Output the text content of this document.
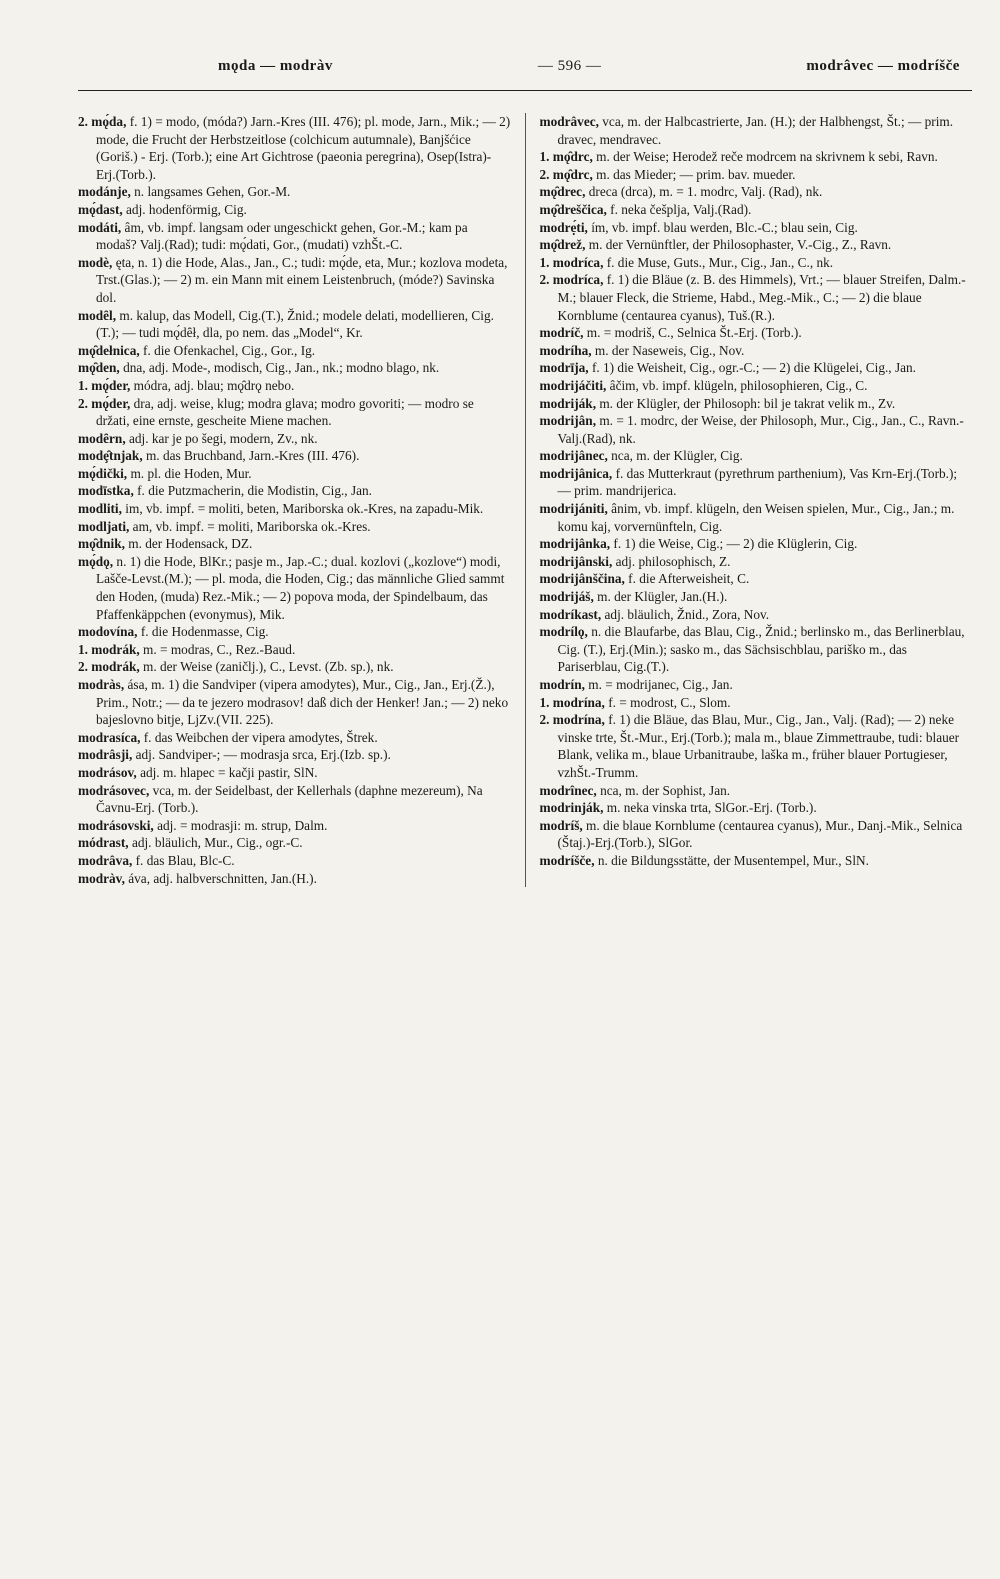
mǫda — modràv	— 596 —	modrâvec — modríšče

2. mǫ́da, f. 1) = modo, (móda?) Jarn.-Kres (III. 476); pl. mode, Jarn., Mik.; — 2) mode, die Frucht der Herbstzeitlose (colchicum autumnale), Banjšćice (Goriš.) - Erj. (Torb.); eine Art Gichtrose (paeonia peregrina), Osep(Istra)-Erj.(Torb.).

modánje, n. langsames Gehen, Gor.-M.

mǫ́dast, adj. hodenförmig, Cig.

modáti, âm, vb. impf. langsam oder ungeschickt gehen, Gor.-M.; kam pa modaš? Valj.(Rad); tudi: mǫ́dati, Gor., (mudati) vzhŠt.-C.

modè, ęta, n. 1) die Hode, Alas., Jan., C.; tudi: mǫ́de, eta, Mur.; kozlova modeta, Trst.(Glas.); — 2) m. ein Mann mit einem Leistenbruch, (móde?) Savinska dol.

modȇl, m. kalup, das Modell, Cig.(T.), Žnid.; modele delati, modellieren, Cig.(T.); — tudi mǫ́dȇł, dla, po nem. das „Model“, Kr.

mǫ̑dełnica, f. die Ofenkachel, Cig., Gor., Ig.

mǫ̑den, dna, adj. Mode-, modisch, Cig., Jan., nk.; modno blago, nk.

1. mǫ́der, módra, adj. blau; mǫ̑drǫ nebo.

2. mǫ́der, dra, adj. weise, klug; modra glava; modro govoriti; — modro se držati, eine ernste, gescheite Miene machen.

modȇrn, adj. kar je po šegi, modern, Zv., nk.

modȩ̑tnjak, m. das Bruchband, Jarn.-Kres (III. 476).

mǫ́dički, m. pl. die Hoden, Mur.

modīstka, f. die Putzmacherin, die Modistin, Cig., Jan.

modliti, im, vb. impf. = moliti, beten, Mariborska ok.-Kres, na zapadu-Mik.

modljati, am, vb. impf. = moliti, Mariborska ok.-Kres.

mǫ̑dnik, m. der Hodensack, DZ.

mǫ́dǫ, n. 1) die Hode, BlKr.; pasje m., Jap.-C.; dual. kozlovi („kozlove“) modi, Lašče-Levst.(M.); — pl. moda, die Hoden, Cig.; das männliche Glied sammt den Hoden, (muda) Rez.-Mik.; — 2) popova moda, der Spindelbaum, das Pfaffenkäppchen (evonymus), Mik.

modovína, f. die Hodenmasse, Cig.

1. modrák, m. = modras, C., Rez.-Baud.

2. modrák, m. der Weise (zaničlj.), C., Levst. (Zb. sp.), nk.

modràs, ása, m. 1) die Sandviper (vipera amodytes), Mur., Cig., Jan., Erj.(Ž.), Prim., Notr.; — da te jezero modrasov! daß dich der Henker! Jan.; — 2) neko bajeslovno bitje, LjZv.(VII. 225).

modrasíca, f. das Weibchen der vipera amodytes, Štrek.

modrâsji, adj. Sandviper-; — modrasja srca, Erj.(Izb. sp.).

modrásov, adj. m. hlapec = kačji pastir, SlN.

modrásovec, vca, m. der Seidelbast, der Kellerhals (daphne mezereum), Na Čavnu-Erj. (Torb.).

modrásovski, adj. = modrasji: m. strup, Dalm.

módrast, adj. bläulich, Mur., Cig., ogr.-C.

modrâva, f. das Blau, Blc-C.

modràv, áva, adj. halbverschnitten, Jan.(H.).

modrâvec, vca, m. der Halbcastrierte, Jan. (H.); der Halbhengst, Št.; — prim. dravec, mendravec.

1. mǫ̑drc, m. der Weise; Herodež reče modrcem na skrivnem k sebi, Ravn.

2. mǫ̑drc, m. das Mieder; — prim. bav. mueder.

mǫ̑drec, dreca (drca), m. = 1. modrc, Valj. (Rad), nk.

mǫ̑dreščica, f. neka češplja, Valj.(Rad).

modrẹ́ti, ím, vb. impf. blau werden, Blc.-C.; blau sein, Cig.

mǫ̑drež, m. der Vernünftler, der Philosophaster, V.-Cig., Z., Ravn.

1. modríca, f. die Muse, Guts., Mur., Cig., Jan., C., nk.

2. modríca, f. 1) die Bläue (z. B. des Himmels), Vrt.; — blauer Streifen, Dalm.-M.; blauer Fleck, die Strieme, Habd., Meg.-Mik., C.; — 2) die blaue Kornblume (centaurea cyanus), Tuš.(R.).

modríč, m. = modriš, C., Selnica Št.-Erj. (Torb.).

modríha, m. der Naseweis, Cig., Nov.

modrīja, f. 1) die Weisheit, Cig., ogr.-C.; — 2) die Klügelei, Cig., Jan.

modrijáčiti, âčim, vb. impf. klügeln, philosophieren, Cig., C.

modriják, m. der Klügler, der Philosoph: bil je takrat velik m., Zv.

modrijân, m. = 1. modrc, der Weise, der Philosoph, Mur., Cig., Jan., C., Ravn.-Valj.(Rad), nk.

modrijânec, nca, m. der Klügler, Cig.

modrijânica, f. das Mutterkraut (pyrethrum parthenium), Vas Krn-Erj.(Torb.); — prim. mandrijerica.

modrijániti, ânim, vb. impf. klügeln, den Weisen spielen, Mur., Cig., Jan.; m. komu kaj, vorvernünfteln, Cig.

modrijânka, f. 1) die Weise, Cig.; — 2) die Klüglerin, Cig.

modrijânski, adj. philosophisch, Z.

modrijânščina, f. die Afterweisheit, C.

modrijáš, m. der Klügler, Jan.(H.).

modríkast, adj. bläulich, Žnid., Zora, Nov.

modrílǫ, n. die Blaufarbe, das Blau, Cig., Žnid.; berlinsko m., das Berlinerblau, Cig. (T.), Erj.(Min.); sasko m., das Sächsischblau, pariško m., das Pariserblau, Cig.(T.).

modrín, m. = modrijanec, Cig., Jan.

1. modrína, f. = modrost, C., Slom.

2. modrína, f. 1) die Bläue, das Blau, Mur., Cig., Jan., Valj. (Rad); — 2) neke vinske trte, Št.-Mur., Erj.(Torb.); mala m., blaue Zimmettraube, tudi: blauer Blank, velika m., blaue Urbanitraube, laška m., früher blauer Portugieser, vzhŠt.-Trumm.

modrînec, nca, m. der Sophist, Jan.

modrinják, m. neka vinska trta, SlGor.-Erj. (Torb.).

modríš, m. die blaue Kornblume (centaurea cyanus), Mur., Danj.-Mik., Selnica (Štaj.)-Erj.(Torb.), SlGor.

modríšče, n. die Bildungsstätte, der Musentempel, Mur., SlN.
